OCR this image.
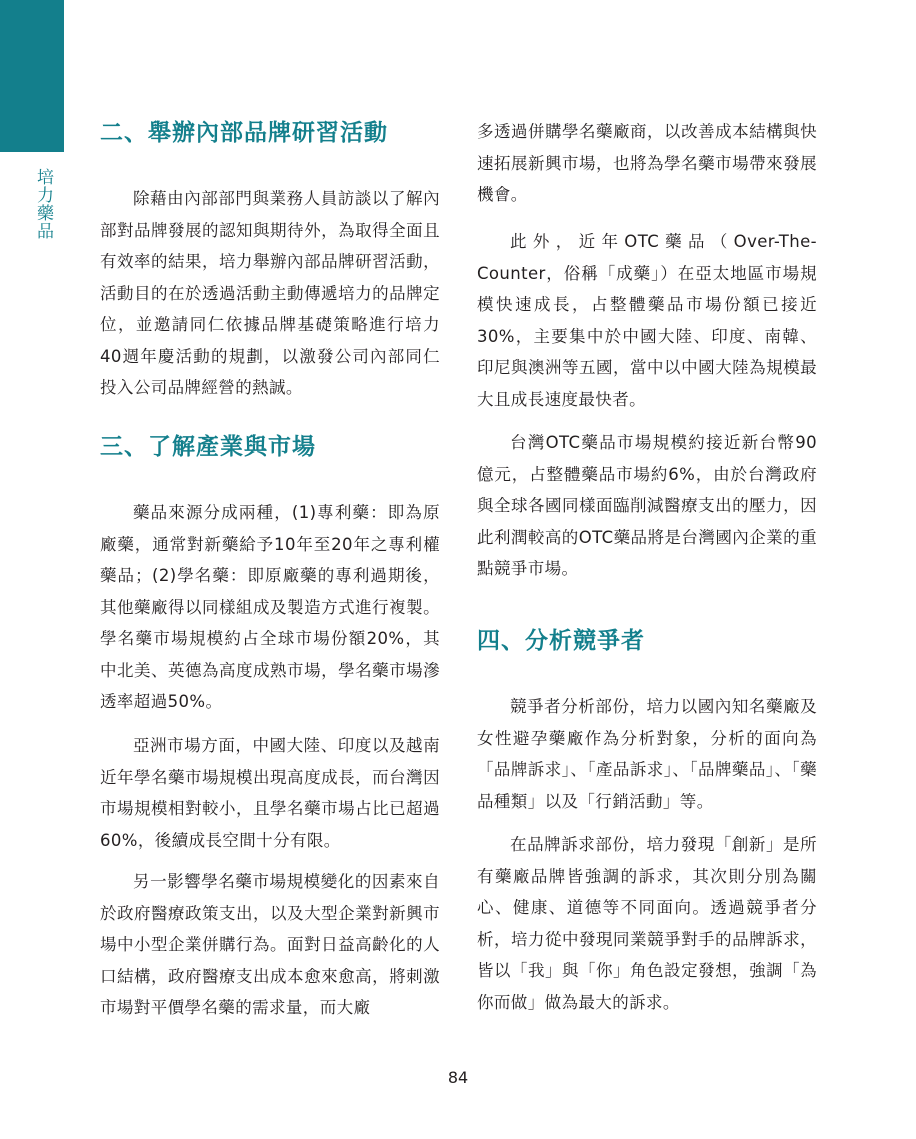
培力藥品
二、舉辦內部品牌研習活動

除藉由內部部門與業務人員訪談以了解內部對品牌發展的認知與期待外，為取得全面且有效率的結果，培力舉辦內部品牌研習活動，活動目的在於透過活動主動傳遞培力的品牌定位，並邀請同仁依據品牌基礎策略進行培力40週年慶活動的規劃，以激發公司內部同仁投入公司品牌經營的熱誠。

三、了解產業與市場

藥品來源分成兩種，(1)專利藥：即為原廠藥，通常對新藥給予10年至20年之專利權藥品；(2)學名藥：即原廠藥的專利過期後，其他藥廠得以同樣組成及製造方式進行複製。學名藥市場規模約占全球市場份額20%，其中北美、英德為高度成熟市場，學名藥市場滲透率超過50%。

亞洲市場方面，中國大陸、印度以及越南近年學名藥市場規模出現高度成長，而台灣因市場規模相對較小，且學名藥市場占比已超過60%，後續成長空間十分有限。

另一影響學名藥市場規模變化的因素來自於政府醫療政策支出，以及大型企業對新興市場中小型企業併購行為。面對日益高齡化的人口結構，政府醫療支出成本愈來愈高，將刺激市場對平價學名藥的需求量，而大廠

多透過併購學名藥廠商，以改善成本結構與快速拓展新興市場，也將為學名藥市場帶來發展機會。

此外，近年OTC藥品（Over-The-Counter，俗稱「成藥」）在亞太地區市場規模快速成長，占整體藥品市場份額已接近30%，主要集中於中國大陸、印度、南韓、印尼與澳洲等五國，當中以中國大陸為規模最大且成長速度最快者。

台灣OTC藥品市場規模約接近新台幣90億元，占整體藥品市場約6%，由於台灣政府與全球各國同樣面臨削減醫療支出的壓力，因此利潤較高的OTC藥品將是台灣國內企業的重點競爭市場。

四、分析競爭者

競爭者分析部份，培力以國內知名藥廠及女性避孕藥廠作為分析對象，分析的面向為「品牌訴求」、「產品訴求」、「品牌藥品」、「藥品種類」以及「行銷活動」等。

在品牌訴求部份，培力發現「創新」是所有藥廠品牌皆強調的訴求，其次則分別為關心、健康、道德等不同面向。透過競爭者分析，培力從中發現同業競爭對手的品牌訴求，皆以「我」與「你」角色設定發想，強調「為你而做」做為最大的訴求。

84
